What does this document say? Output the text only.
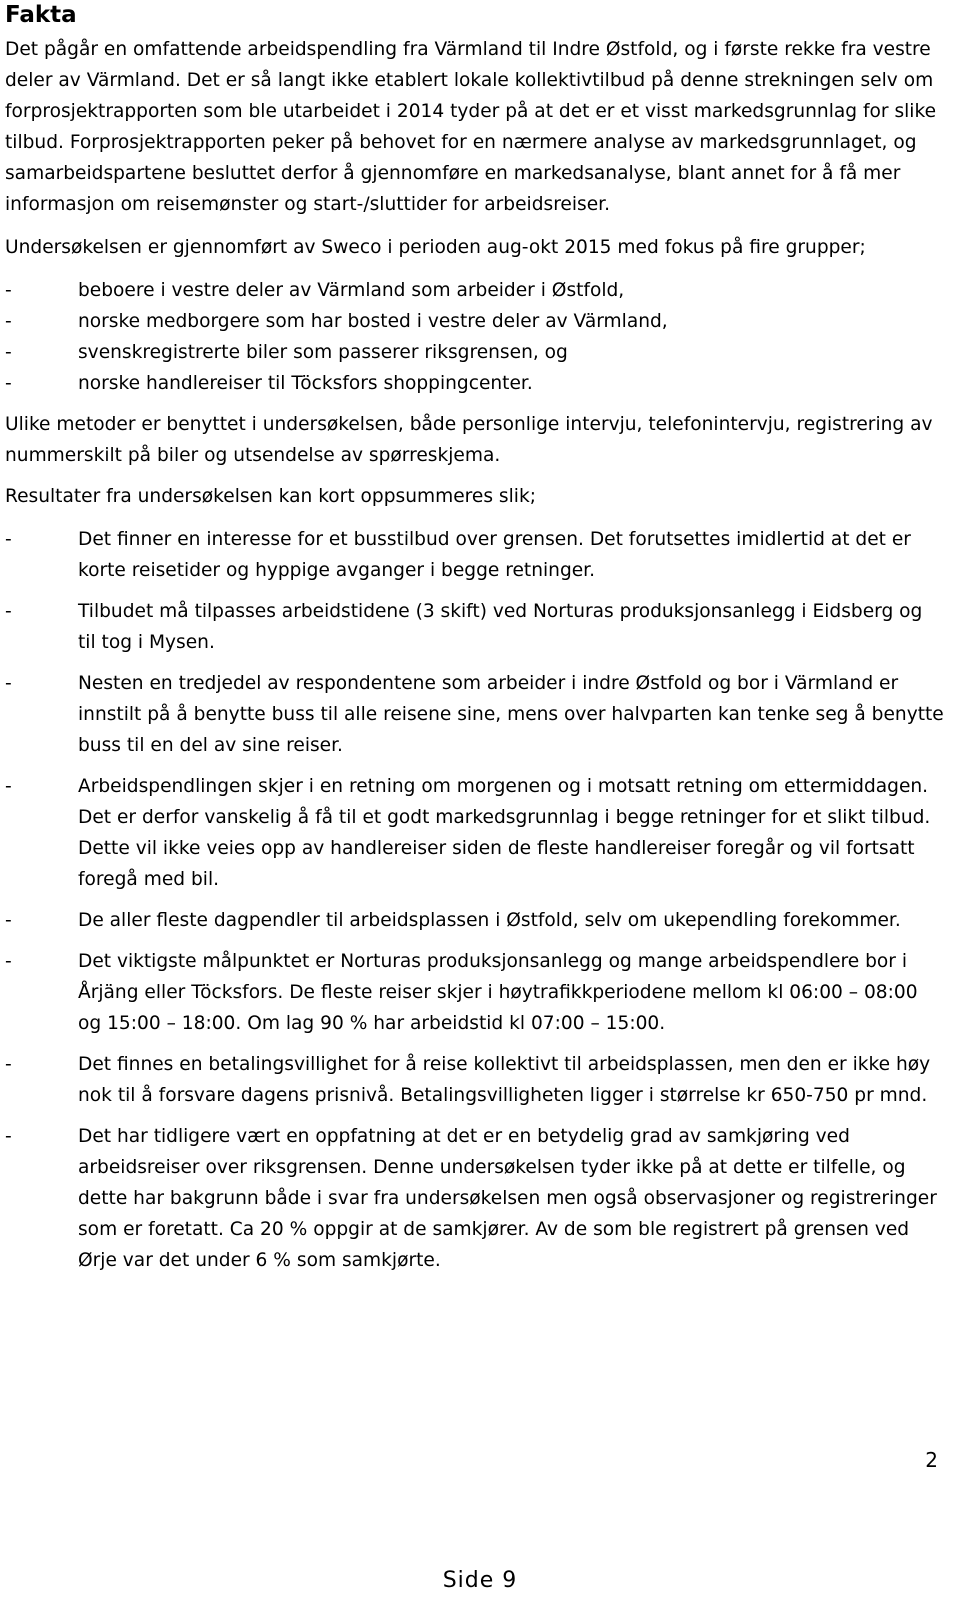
Fakta

Det pågår en omfattende arbeidspendling fra Värmland til Indre Østfold, og i første rekke fra vestre deler av Värmland. Det er så langt ikke etablert lokale kollektivtilbud på denne strekningen selv om forprosjektrapporten som ble utarbeidet i 2014 tyder på at det er et visst markedsgrunnlag for slike tilbud. Forprosjektrapporten peker på behovet for en nærmere analyse av markedsgrunnlaget, og samarbeidspartene besluttet derfor å gjennomføre en markedsanalyse, blant annet for å få mer informasjon om reisemønster og start-/sluttider for arbeidsreiser.

Undersøkelsen er gjennomført av Sweco i perioden aug-okt 2015 med fokus på fire grupper;

-	beboere i vestre deler av Värmland som arbeider i Østfold,
-	norske medborgere som har bosted i vestre deler av Värmland,
-	svenskregistrerte biler som passerer riksgrensen, og
-	norske handlereiser til Töcksfors shoppingcenter.

Ulike metoder er benyttet i undersøkelsen, både personlige intervju, telefonintervju, registrering av nummerskilt på biler og utsendelse av spørreskjema.

Resultater fra undersøkelsen kan kort oppsummeres slik;

-	Det finner en interesse for et busstilbud over grensen. Det forutsettes imidlertid at det er korte reisetider og hyppige avganger i begge retninger.
-	Tilbudet må tilpasses arbeidstidene (3 skift) ved Norturas produksjonsanlegg i Eidsberg og til tog i Mysen.
-	Nesten en tredjedel av respondentene som arbeider i indre Østfold og bor i Värmland er innstilt på å benytte buss til alle reisene sine, mens over halvparten kan tenke seg å benytte buss til en del av sine reiser.
-	Arbeidspendlingen skjer i en retning om morgenen og i motsatt retning om ettermiddagen. Det er derfor vanskelig å få til et godt markedsgrunnlag i begge retninger for et slikt tilbud. Dette vil ikke veies opp av handlereiser siden de fleste handlereiser foregår og vil fortsatt foregå med bil.
-	De aller fleste dagpendler til arbeidsplassen i Østfold, selv om ukependling forekommer.
-	Det viktigste målpunktet er Norturas produksjonsanlegg og mange arbeidspendlere bor i Årjäng eller Töcksfors. De fleste reiser skjer i høytrafikkperiodene mellom kl 06:00 – 08:00 og 15:00 – 18:00. Om lag 90 % har arbeidstid kl 07:00 – 15:00.
-	Det finnes en betalingsvillighet for å reise kollektivt til arbeidsplassen, men den er ikke høy nok til å forsvare dagens prisnivå. Betalingsvilligheten ligger i størrelse kr 650-750 pr mnd.
-	Det har tidligere vært en oppfatning at det er en betydelig grad av samkjøring ved arbeidsreiser over riksgrensen. Denne undersøkelsen tyder ikke på at dette er tilfelle, og dette har bakgrunn både i svar fra undersøkelsen men også observasjoner og registreringer som er foretatt. Ca 20 % oppgir at de samkjører. Av de som ble registrert på grensen ved Ørje var det under 6 % som samkjørte.
2
Side 9
